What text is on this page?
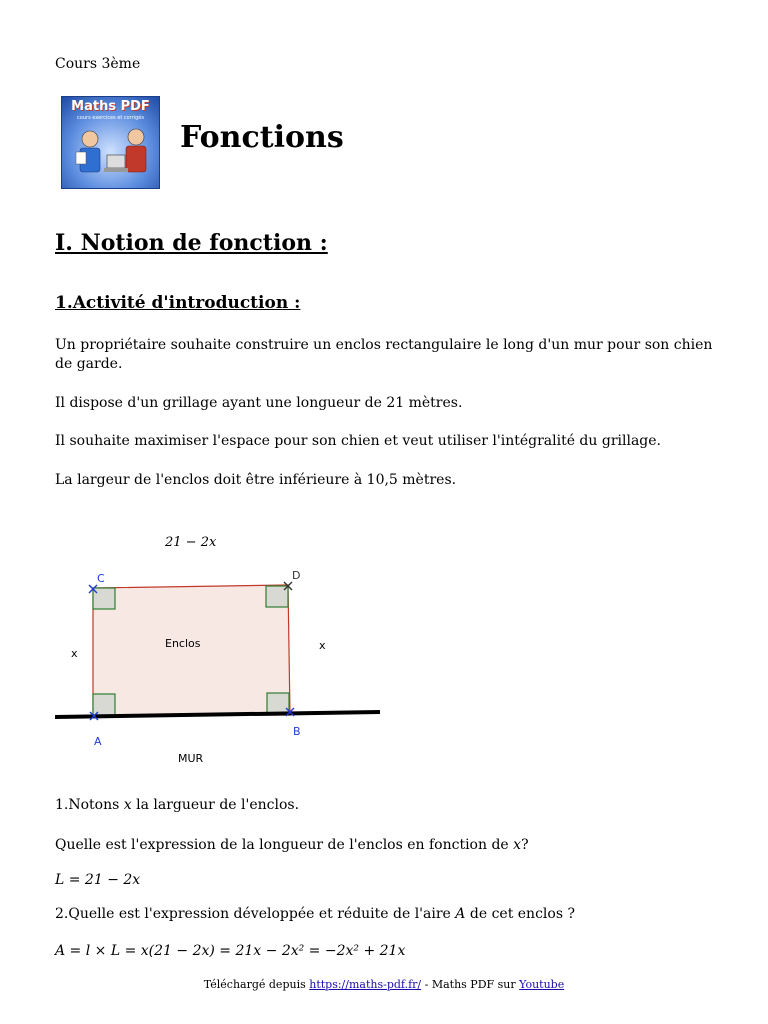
Cours 3ème
Maths PDF
cours exercices et corrigés
Fonctions
I. Notion de fonction :
1.Activité d'introduction :
Un propriétaire souhaite construire un enclos rectangulaire le long d'un mur pour son chien de garde.
Il dispose d'un grillage ayant une longueur de 21 mètres.
Il souhaite maximiser l'espace pour son chien et veut utiliser l'intégralité du grillage.
La largeur de l'enclos doit être inférieure à 10,5 mètres.
21 − 2x
C	D
A
B
x
x
Enclos
MUR
1.Notons x la largueur de l'enclos.
Quelle est l'expression de la longueur de l'enclos en fonction de x?
L = 21 − 2x
2.Quelle est l'expression développée et réduite de l'aire A de cet enclos ?
A = l × L = x(21 − 2x) = 21x − 2x² = −2x² + 21x
Téléchargé depuis https://maths-pdf.fr/ - Maths PDF sur Youtube
